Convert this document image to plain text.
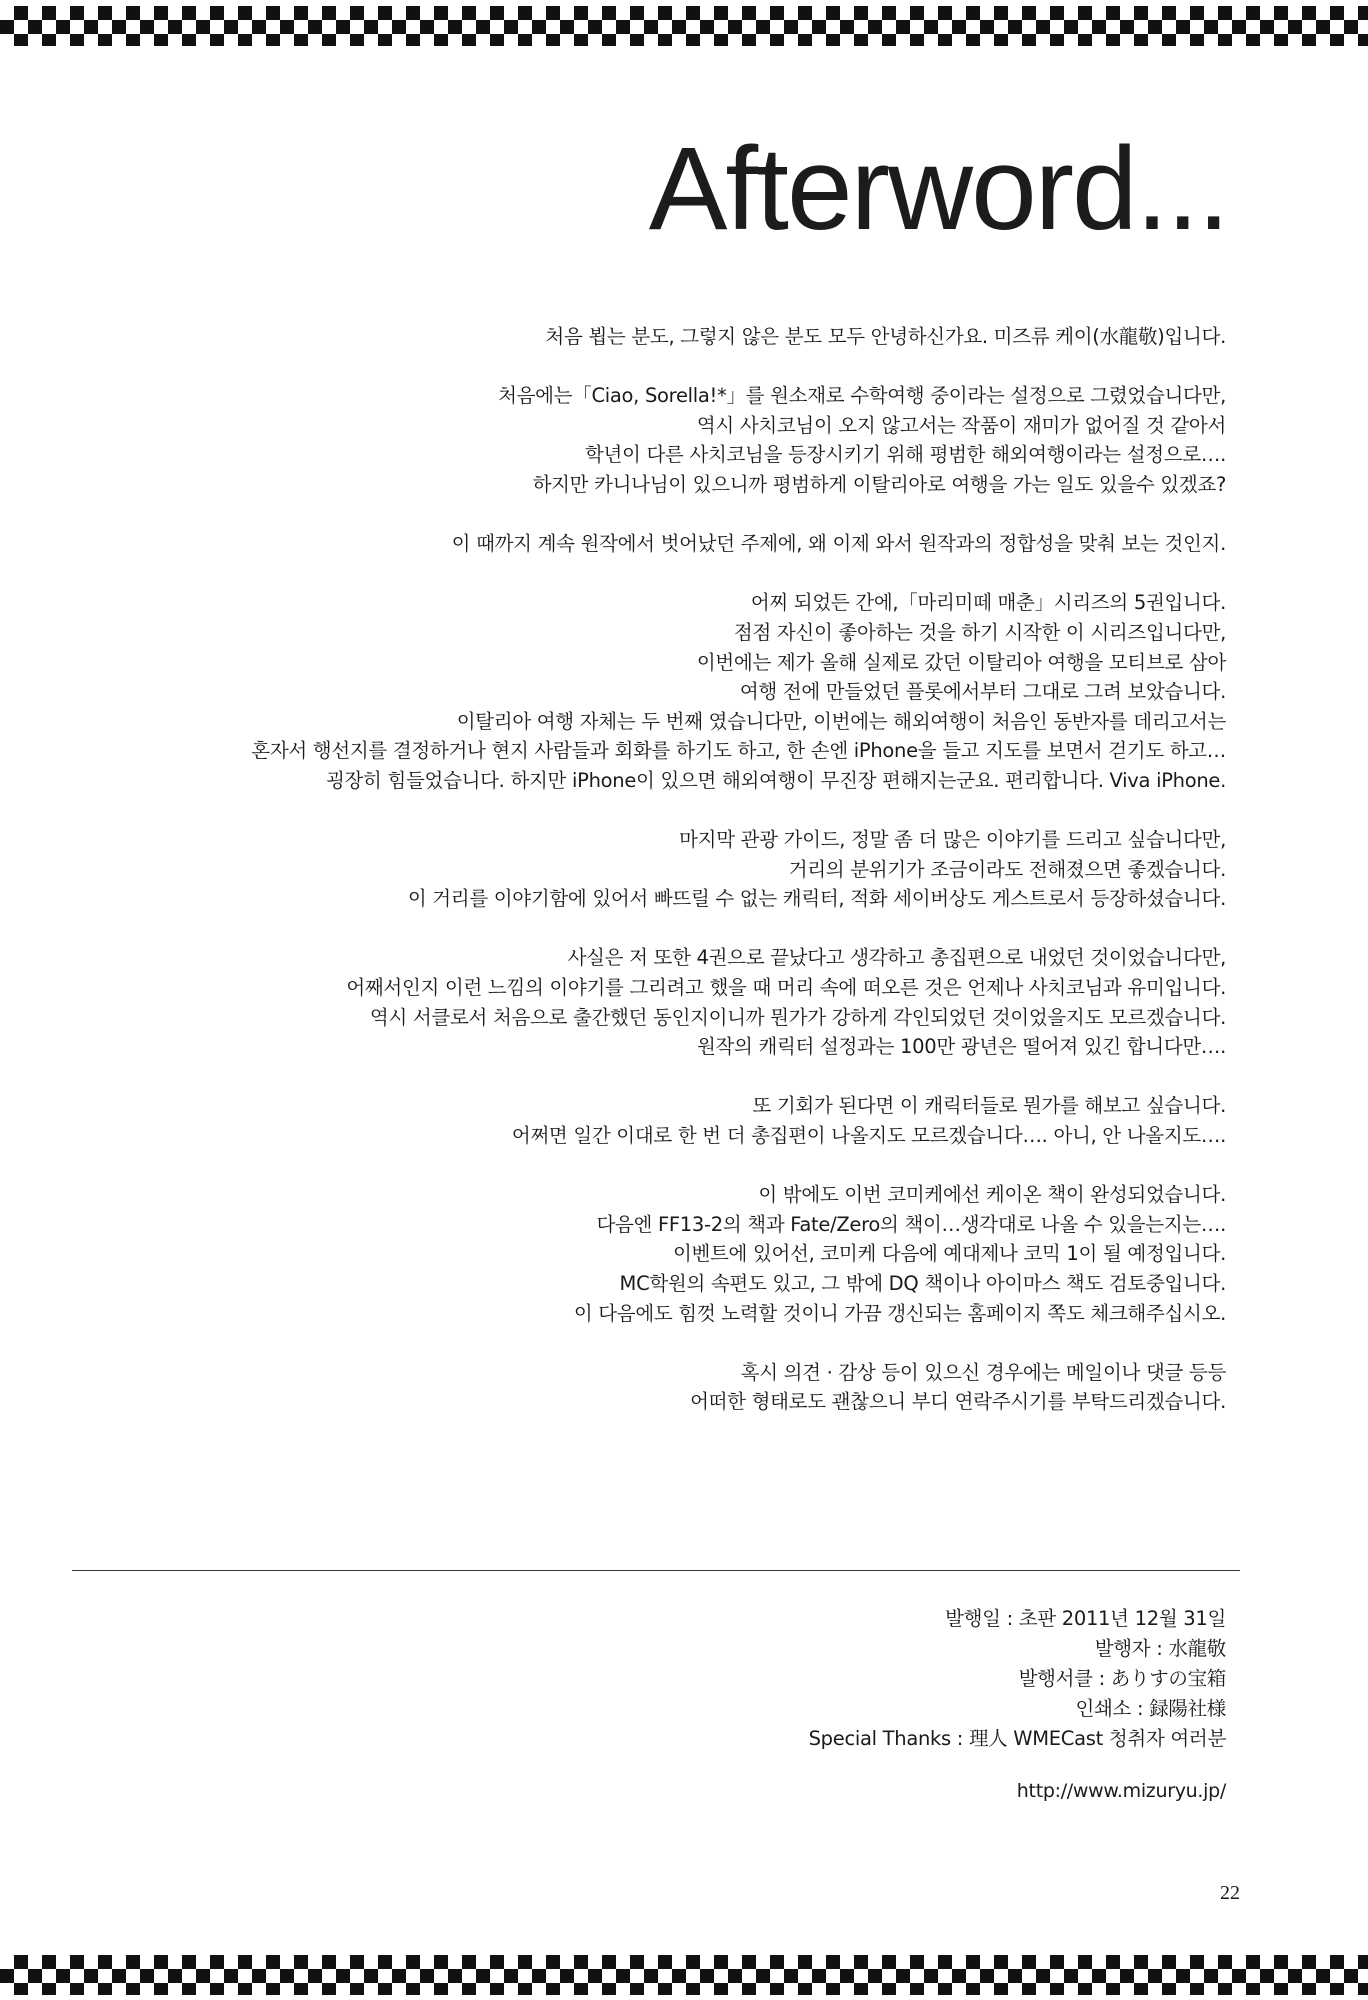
Afterword...

처음 뵙는 분도, 그렇지 않은 분도 모두 안녕하신가요. 미즈류 케이(水龍敬)입니다.

처음에는「Ciao, Sorella!*」를 원소재로 수학여행 중이라는 설정으로 그렸었습니다만,
역시 사치코님이 오지 않고서는 작품이 재미가 없어질 것 같아서
학년이 다른 사치코님을 등장시키기 위해 평범한 해외여행이라는 설정으로….
하지만 카니나님이 있으니까 평범하게 이탈리아로 여행을 가는 일도 있을수 있겠죠?

이 때까지 계속 원작에서 벗어났던 주제에, 왜 이제 와서 원작과의 정합성을 맞춰 보는 것인지.

어찌 되었든 간에,「마리미떼 매춘」시리즈의 5권입니다.
점점 자신이 좋아하는 것을 하기 시작한 이 시리즈입니다만,
이번에는 제가 올해 실제로 갔던 이탈리아 여행을 모티브로 삼아
여행 전에 만들었던 플롯에서부터 그대로 그려 보았습니다.
이탈리아 여행 자체는 두 번째 였습니다만, 이번에는 해외여행이 처음인 동반자를 데리고서는
혼자서 행선지를 결정하거나 현지 사람들과 회화를 하기도 하고, 한 손엔 iPhone을 들고 지도를 보면서 걷기도 하고…
굉장히 힘들었습니다. 하지만 iPhone이 있으면 해외여행이 무진장 편해지는군요. 편리합니다. Viva iPhone.

마지막 관광 가이드, 정말 좀 더 많은 이야기를 드리고 싶습니다만,
거리의 분위기가 조금이라도 전해졌으면 좋겠습니다.
이 거리를 이야기함에 있어서 빠뜨릴 수 없는 캐릭터, 적화 세이버상도 게스트로서 등장하셨습니다.

사실은 저 또한 4권으로 끝났다고 생각하고 총집편으로 내었던 것이었습니다만,
어째서인지 이런 느낌의 이야기를 그리려고 했을 때 머리 속에 떠오른 것은 언제나 사치코님과 유미입니다.
역시 서클로서 처음으로 출간했던 동인지이니까 뭔가가 강하게 각인되었던 것이었을지도 모르겠습니다.
원작의 캐릭터 설정과는 100만 광년은 떨어져 있긴 합니다만….

또 기회가 된다면 이 캐릭터들로 뭔가를 해보고 싶습니다.
어쩌면 일간 이대로 한 번 더 총집편이 나올지도 모르겠습니다…. 아니, 안 나올지도….

이 밖에도 이번 코미케에선 케이온 책이 완성되었습니다.
다음엔 FF13-2의 책과 Fate/Zero의 책이…생각대로 나올 수 있을는지는….
이벤트에 있어선, 코미케 다음에 예대제나 코믹 1이 될 예정입니다.
MC학원의 속편도 있고, 그 밖에 DQ 책이나 아이마스 책도 검토중입니다.
이 다음에도 힘껏 노력할 것이니 가끔 갱신되는 홈페이지 쪽도 체크해주십시오.

혹시 의견 · 감상 등이 있으신 경우에는 메일이나 댓글 등등
어떠한 형태로도 괜찮으니 부디 연락주시기를 부탁드리겠습니다.

발행일 : 초판 2011년 12월 31일
발행자 : 水龍敬
발행서클 : ありすの宝箱
인쇄소 : 録陽社様
Special Thanks : 理人 WMECast 청취자 여러분
http://www.mizuryu.jp/
22
